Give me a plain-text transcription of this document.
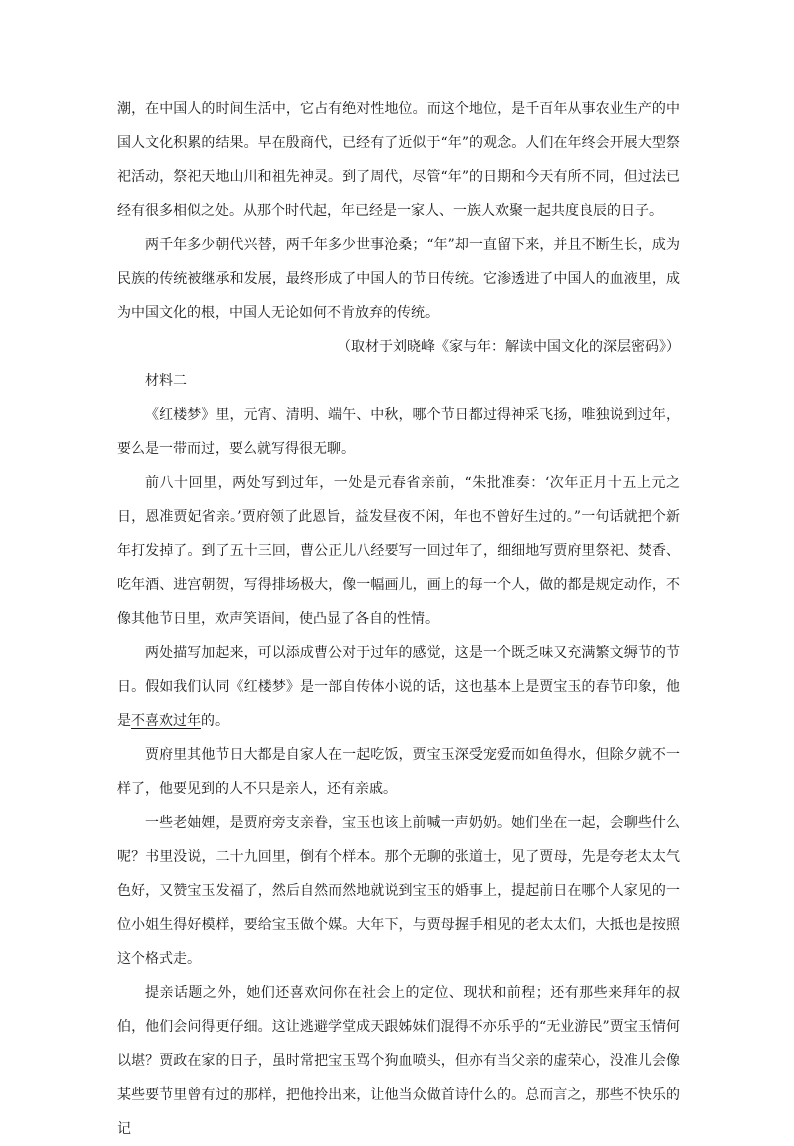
潮，在中国人的时间生活中，它占有绝对性地位。而这个地位，是千百年从事农业生产的中国人文化积累的结果。早在殷商代，已经有了近似于“年”的观念。人们在年终会开展大型祭祀活动，祭祀天地山川和祖先神灵。到了周代，尽管“年”的日期和今天有所不同，但过法已经有很多相似之处。从那个时代起，年已经是一家人、一族人欢聚一起共度良辰的日子。

两千年多少朝代兴替，两千年多少世事沧桑；“年”却一直留下来，并且不断生长，成为民族的传统被继承和发展，最终形成了中国人的节日传统。它渗透进了中国人的血液里，成为中国文化的根，中国人无论如何不肯放弃的传统。

（取材于刘晓峰《家与年：解读中国文化的深层密码》）

材料二

《红楼梦》里，元宵、清明、端午、中秋，哪个节日都过得神采飞扬，唯独说到过年，要么是一带而过，要么就写得很无聊。

前八十回里，两处写到过年，一处是元春省亲前，“朱批准奏：‘次年正月十五上元之日，恩准贾妃省亲。’贾府领了此恩旨，益发昼夜不闲，年也不曾好生过的。”一句话就把个新年打发掉了。到了五十三回，曹公正儿八经要写一回过年了，细细地写贾府里祭祀、焚香、吃年酒、进宫朝贺，写得排场极大，像一幅画儿，画上的每一个人，做的都是规定动作，不像其他节日里，欢声笑语间，使凸显了各自的性情。

两处描写加起来，可以添成曹公对于过年的感觉，这是一个既乏味又充满繁文缛节的节日。假如我们认同《红楼梦》是一部自传体小说的话，这也基本上是贾宝玉的春节印象，他是不喜欢过年的。

贾府里其他节日大都是自家人在一起吃饭，贾宝玉深受宠爱而如鱼得水，但除夕就不一样了，他要见到的人不只是亲人，还有亲戚。

一些老妯娌，是贾府旁支亲眷，宝玉也该上前喊一声奶奶。她们坐在一起，会聊些什么呢？书里没说，二十九回里，倒有个样本。那个无聊的张道士，见了贾母，先是夸老太太气色好，又赞宝玉发福了，然后自然而然地就说到宝玉的婚事上，提起前日在哪个人家见的一位小姐生得好模样，要给宝玉做个媒。大年下，与贾母握手相见的老太太们，大抵也是按照这个格式走。

提亲话题之外，她们还喜欢问你在社会上的定位、现状和前程；还有那些来拜年的叔伯，他们会问得更仔细。这让逃避学堂成天跟姊妹们混得不亦乐乎的“无业游民”贾宝玉情何以堪？贾政在家的日子，虽时常把宝玉骂个狗血喷头，但亦有当父亲的虚荣心，没准儿会像某些要节里曾有过的那样，把他拎出来，让他当众做首诗什么的。总而言之，那些不快乐的记
